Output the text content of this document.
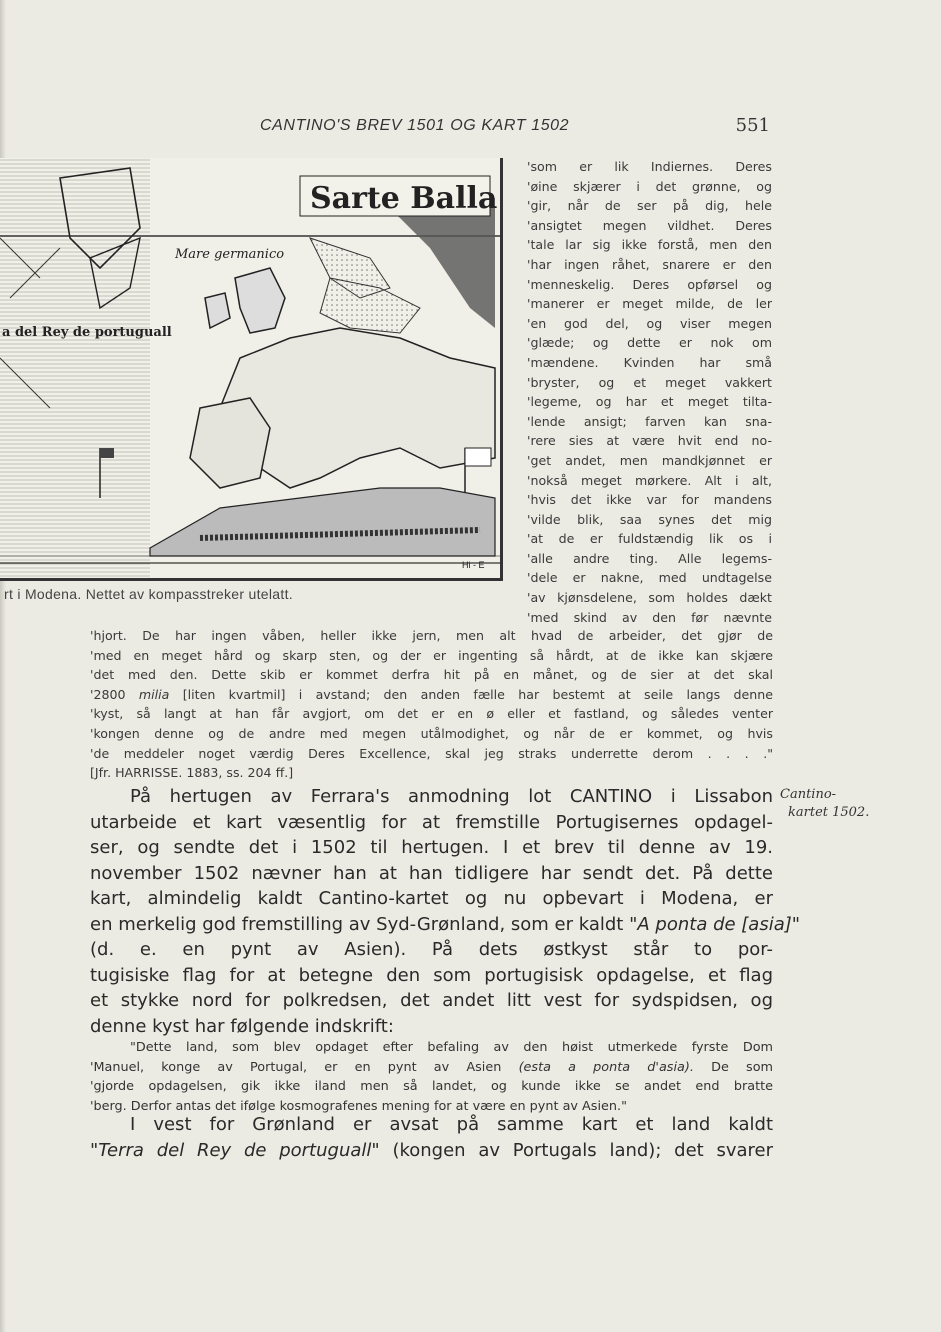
CANTINO'S BREV 1501 OG KART 1502	551
Sarte Balla
Mare germanico
a del Rey de portuguall
Hi - E
rt i Modena. Nettet av kompasstreker utelatt.
'som er lik Indiernes. Deres
'øine skjærer i det grønne, og
'gir, når de ser på dig, hele
'ansigtet megen vildhet. Deres
'tale lar sig ikke forstå, men den
'har ingen råhet, snarere er den
'menneskelig. Deres opførsel og
'manerer er meget milde, de ler
'en god del, og viser megen
'glæde; og dette er nok om
'mændene. Kvinden har små
'bryster, og et meget vakkert
'legeme, og har et meget tilta-
'lende ansigt; farven kan sna-
'rere sies at være hvit end no-
'get andet, men mandkjønnet er
'nokså meget mørkere. Alt i alt,
'hvis det ikke var for mandens
'vilde blik, saa synes det mig
'at de er fuldstændig lik os i
'alle andre ting. Alle legems-
'dele er nakne, med undtagelse
'av kjønsdelene, som holdes dækt
'med skind av den før nævnte
'hjort. De har ingen våben, heller ikke jern, men alt hvad de arbeider, det gjør de
'med en meget hård og skarp sten, og der er ingenting så hårdt, at de ikke kan skjære
'det med den. Dette skib er kommet derfra hit på en månet, og de sier at det skal
'2800 milia [liten kvartmil] i avstand; den anden fælle har bestemt at seile langs denne
'kyst, så langt at han får avgjort, om det er en ø eller et fastland, og således venter
'kongen denne og de andre med megen utålmodighet, og når de er kommet, og hvis
'de meddeler noget værdig Deres Excellence, skal jeg straks underrette derom . . . ."
[Jfr. HARRISSE. 1883, ss. 204 ff.]
På hertugen av Ferrara's anmodning lot CANTINO i Lissabon
utarbeide et kart væsentlig for at fremstille Portugisernes opdagel-
ser, og sendte det i 1502 til hertugen. I et brev til denne av 19.
november 1502 nævner han at han tidligere har sendt det. På dette
kart, almindelig kaldt Cantino-kartet og nu opbevart i Modena, er
en merkelig god fremstilling av Syd-Grønland, som er kaldt "A ponta de [asia]"
(d. e. en pynt av Asien). På dets østkyst står to por-
tugisiske flag for at betegne den som portugisisk opdagelse, et flag
et stykke nord for polkredsen, det andet litt vest for sydspidsen, og
denne kyst har følgende indskrift:
Cantino-
kartet 1502.
"Dette land, som blev opdaget efter befaling av den høist utmerkede fyrste Dom
'Manuel, konge av Portugal, er en pynt av Asien (esta a ponta d'asia). De som
'gjorde opdagelsen, gik ikke iland men så landet, og kunde ikke se andet end bratte
'berg. Derfor antas det ifølge kosmografenes mening for at være en pynt av Asien."
I vest for Grønland er avsat på samme kart et land kaldt
"Terra del Rey de portuguall" (kongen av Portugals land); det svarer
